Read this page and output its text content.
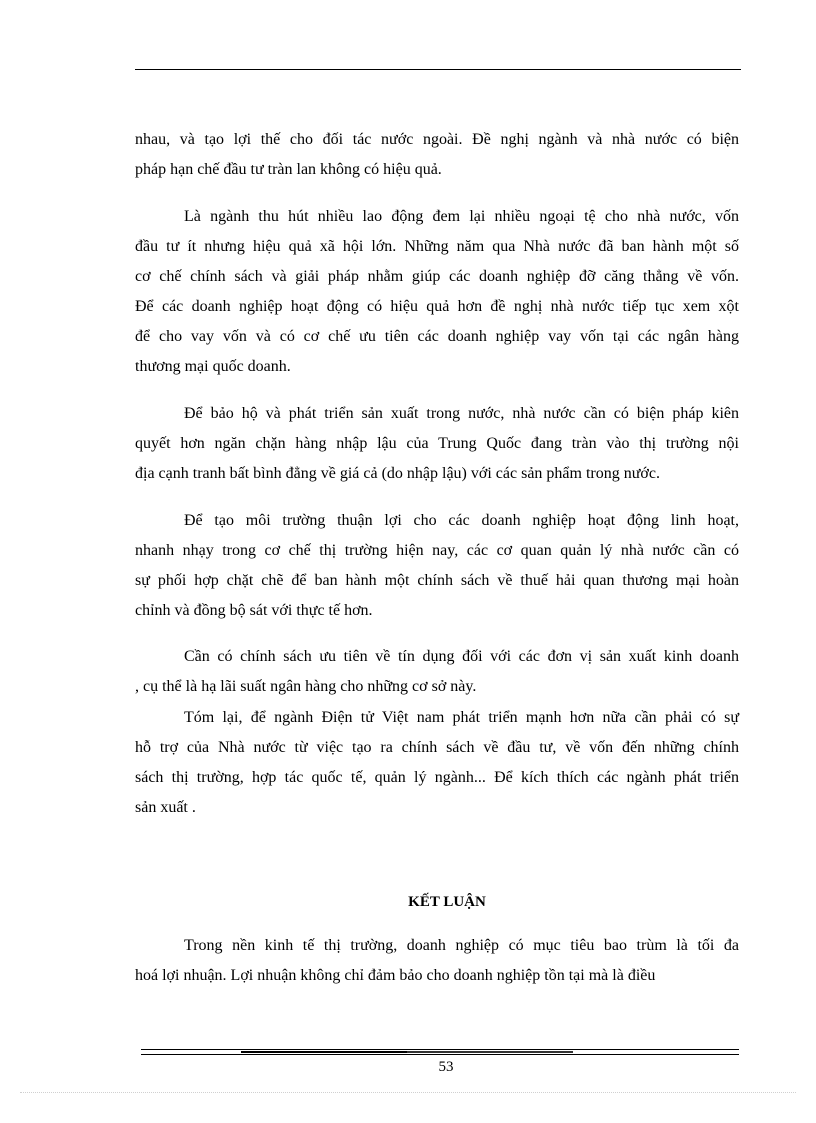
nhau, và tạo lợi thế cho đối tác nước ngoài. Đề nghị ngành và nhà nước có biện
pháp hạn chế đầu tư tràn lan không có hiệu quả.
Là ngành thu hút nhiều lao động đem lại nhiều ngoại tệ cho nhà nước, vốn
đầu tư ít nhưng hiệu quả xã hội lớn. Những năm qua Nhà nước đã ban hành một số
cơ chế chính sách và giải pháp nhằm giúp các doanh nghiệp đỡ căng thẳng về vốn.
Để các doanh nghiệp hoạt động có hiệu quả hơn đề nghị nhà nước tiếp tục xem xột
để cho vay vốn và có cơ chế ưu tiên các doanh nghiệp vay vốn tại các ngân hàng
thương mại quốc doanh.
Để bảo hộ và phát triển sản xuất trong nước, nhà nước cần có biện pháp kiên
quyết hơn ngăn chặn hàng nhập lậu của Trung Quốc đang tràn vào thị trường nội
địa cạnh tranh bất bình đẳng về giá cả (do nhập lậu) với các sản phẩm trong nước.
Để tạo môi trường thuận lợi cho các doanh nghiệp hoạt động linh hoạt,
nhanh nhạy trong cơ chế thị trường hiện nay, các cơ quan quản lý nhà nước cần có
sự phối hợp chặt chẽ để ban hành một chính sách về thuế hải quan thương mại hoàn
chỉnh và đồng bộ sát với thực tế hơn.
Cần có chính sách ưu tiên về tín dụng đối với các đơn vị sản xuất kinh doanh
, cụ thể là hạ lãi suất ngân hàng cho những cơ sở này.
Tóm lại, để ngành Điện tử Việt nam phát triển mạnh hơn nữa cần phải có sự
hỗ trợ của Nhà nước từ việc tạo ra chính sách về đầu tư, về vốn đến những chính
sách thị trường, hợp tác quốc tế, quản lý ngành... Để kích thích các ngành phát triển
sản xuất .
KẾT LUẬN
Trong nền kinh tế thị trường, doanh nghiệp có mục tiêu bao trùm là tối đa
hoá lợi nhuận. Lợi nhuận không chỉ đảm bảo cho doanh nghiệp tồn tại mà là điều
53
